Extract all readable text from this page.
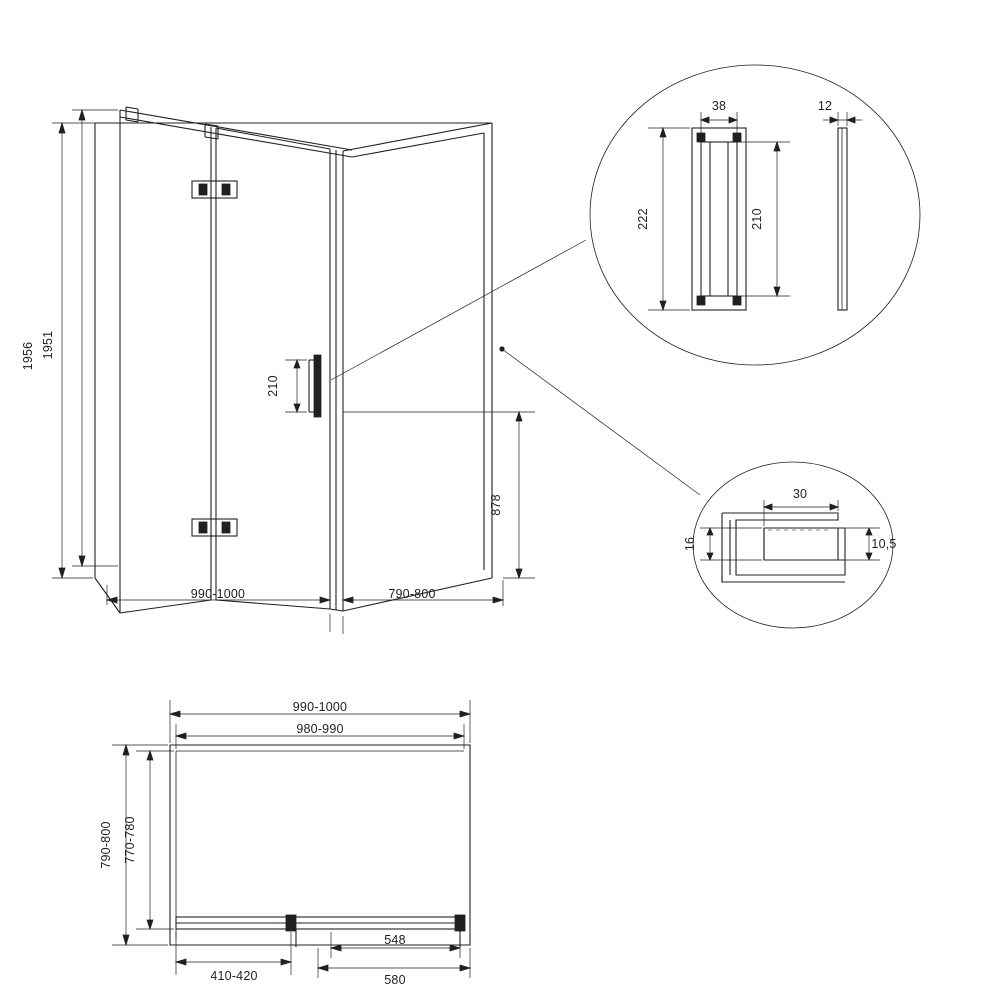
1956 1951
990-1000	790-800
210
878
38	12
222	210
30
16	10,5
990-1000
980-990
790-800 770-780
410-420
548
580
